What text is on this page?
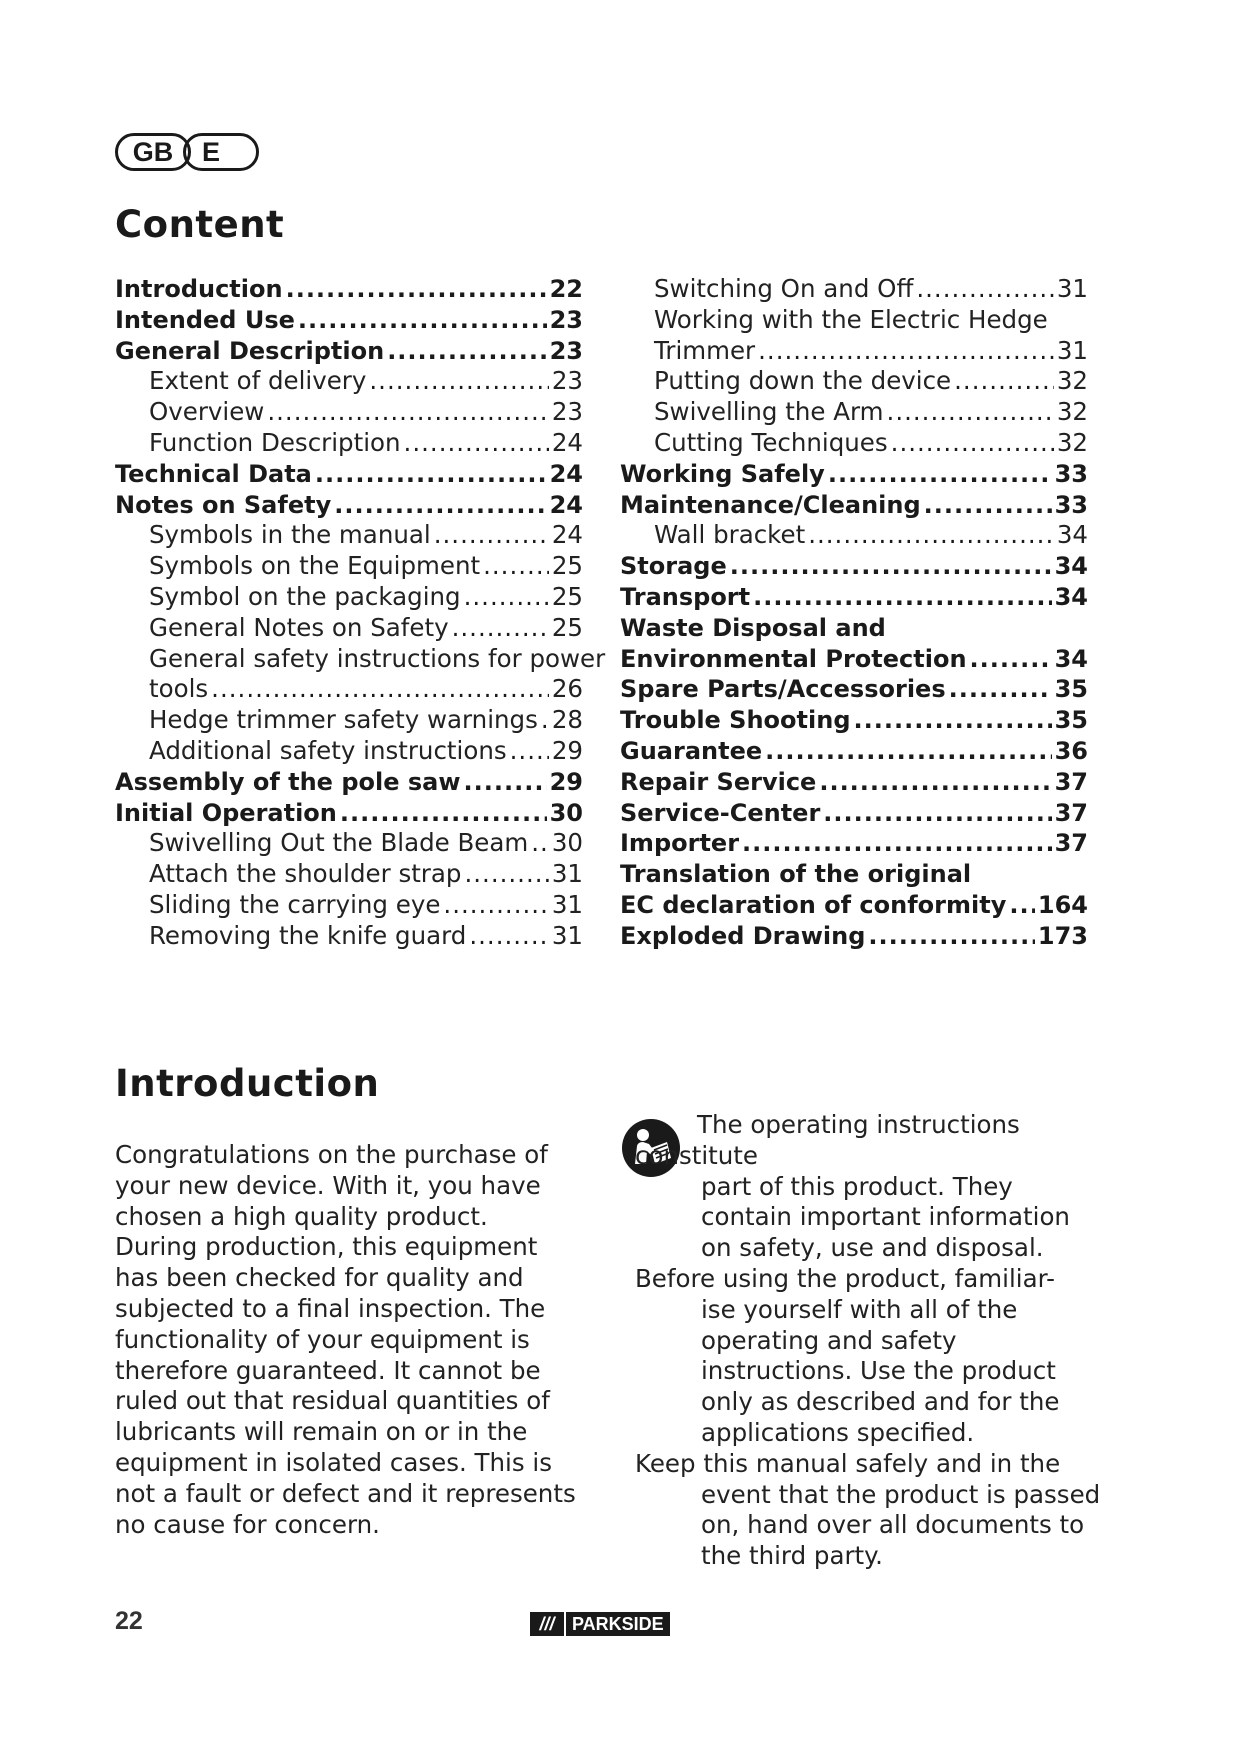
GB	E
Content
Introduction .....	22
Intended Use .....	23
General Description .....	23
Extent of delivery .....	23
Overview .....	23
Function Description .....	24
Technical Data .....	24
Notes on Safety .....	24
Symbols in the manual .....	24
Symbols on the Equipment .....	25
Symbol on the packaging .....	25
General Notes on Safety .....	25
General safety instructions for power
tools .....	26
Hedge trimmer safety warnings ..... 28
Additional safety instructions ..... 29
Assembly of the pole saw .....	29
Initial Operation .....	30
Swivelling Out the Blade Beam ..... 30
Attach the shoulder strap .....	31
Sliding the carrying eye .....	31
Removing the knife guard .....	31
Switching On and Off .....	31
Working with the Electric Hedge
Trimmer .....	31
Putting down the device .....	32
Swivelling the Arm .....	32
Cutting Techniques .....	32
Working Safely .....	33
Maintenance/Cleaning .....	33
Wall bracket .....	34
Storage .....	34
Transport .....	34
Waste Disposal and
Environmental Protection .....	34
Spare Parts/Accessories .....	35
Trouble Shooting .....	35
Guarantee .....	36
Repair Service .....	37
Service-Center .....	37
Importer .....	37
Translation of the original
EC declaration of conformity ..... 164
Exploded Drawing .....	173
Introduction

Congratulations on the purchase of your new device. With it, you have chosen a high quality product.

During production, this equipment has been checked for quality and subjected to a final inspection. The functionality of your equipment is therefore guaranteed. It cannot be ruled out that residual quantities of lubricants will remain on or in the equipment in isolated cases. This is not a fault or defect and it represents no cause for concern.

The operating instructions constitute
part of this product. They contain important information on safety, use and disposal.

Before using the product, familiar-
ise yourself with all of the operating and safety instructions. Use the product only as described and for the applications specified.

Keep this manual safely and in the
event that the product is passed on, hand over all documents to the third party.

22	/// PARKSIDE
